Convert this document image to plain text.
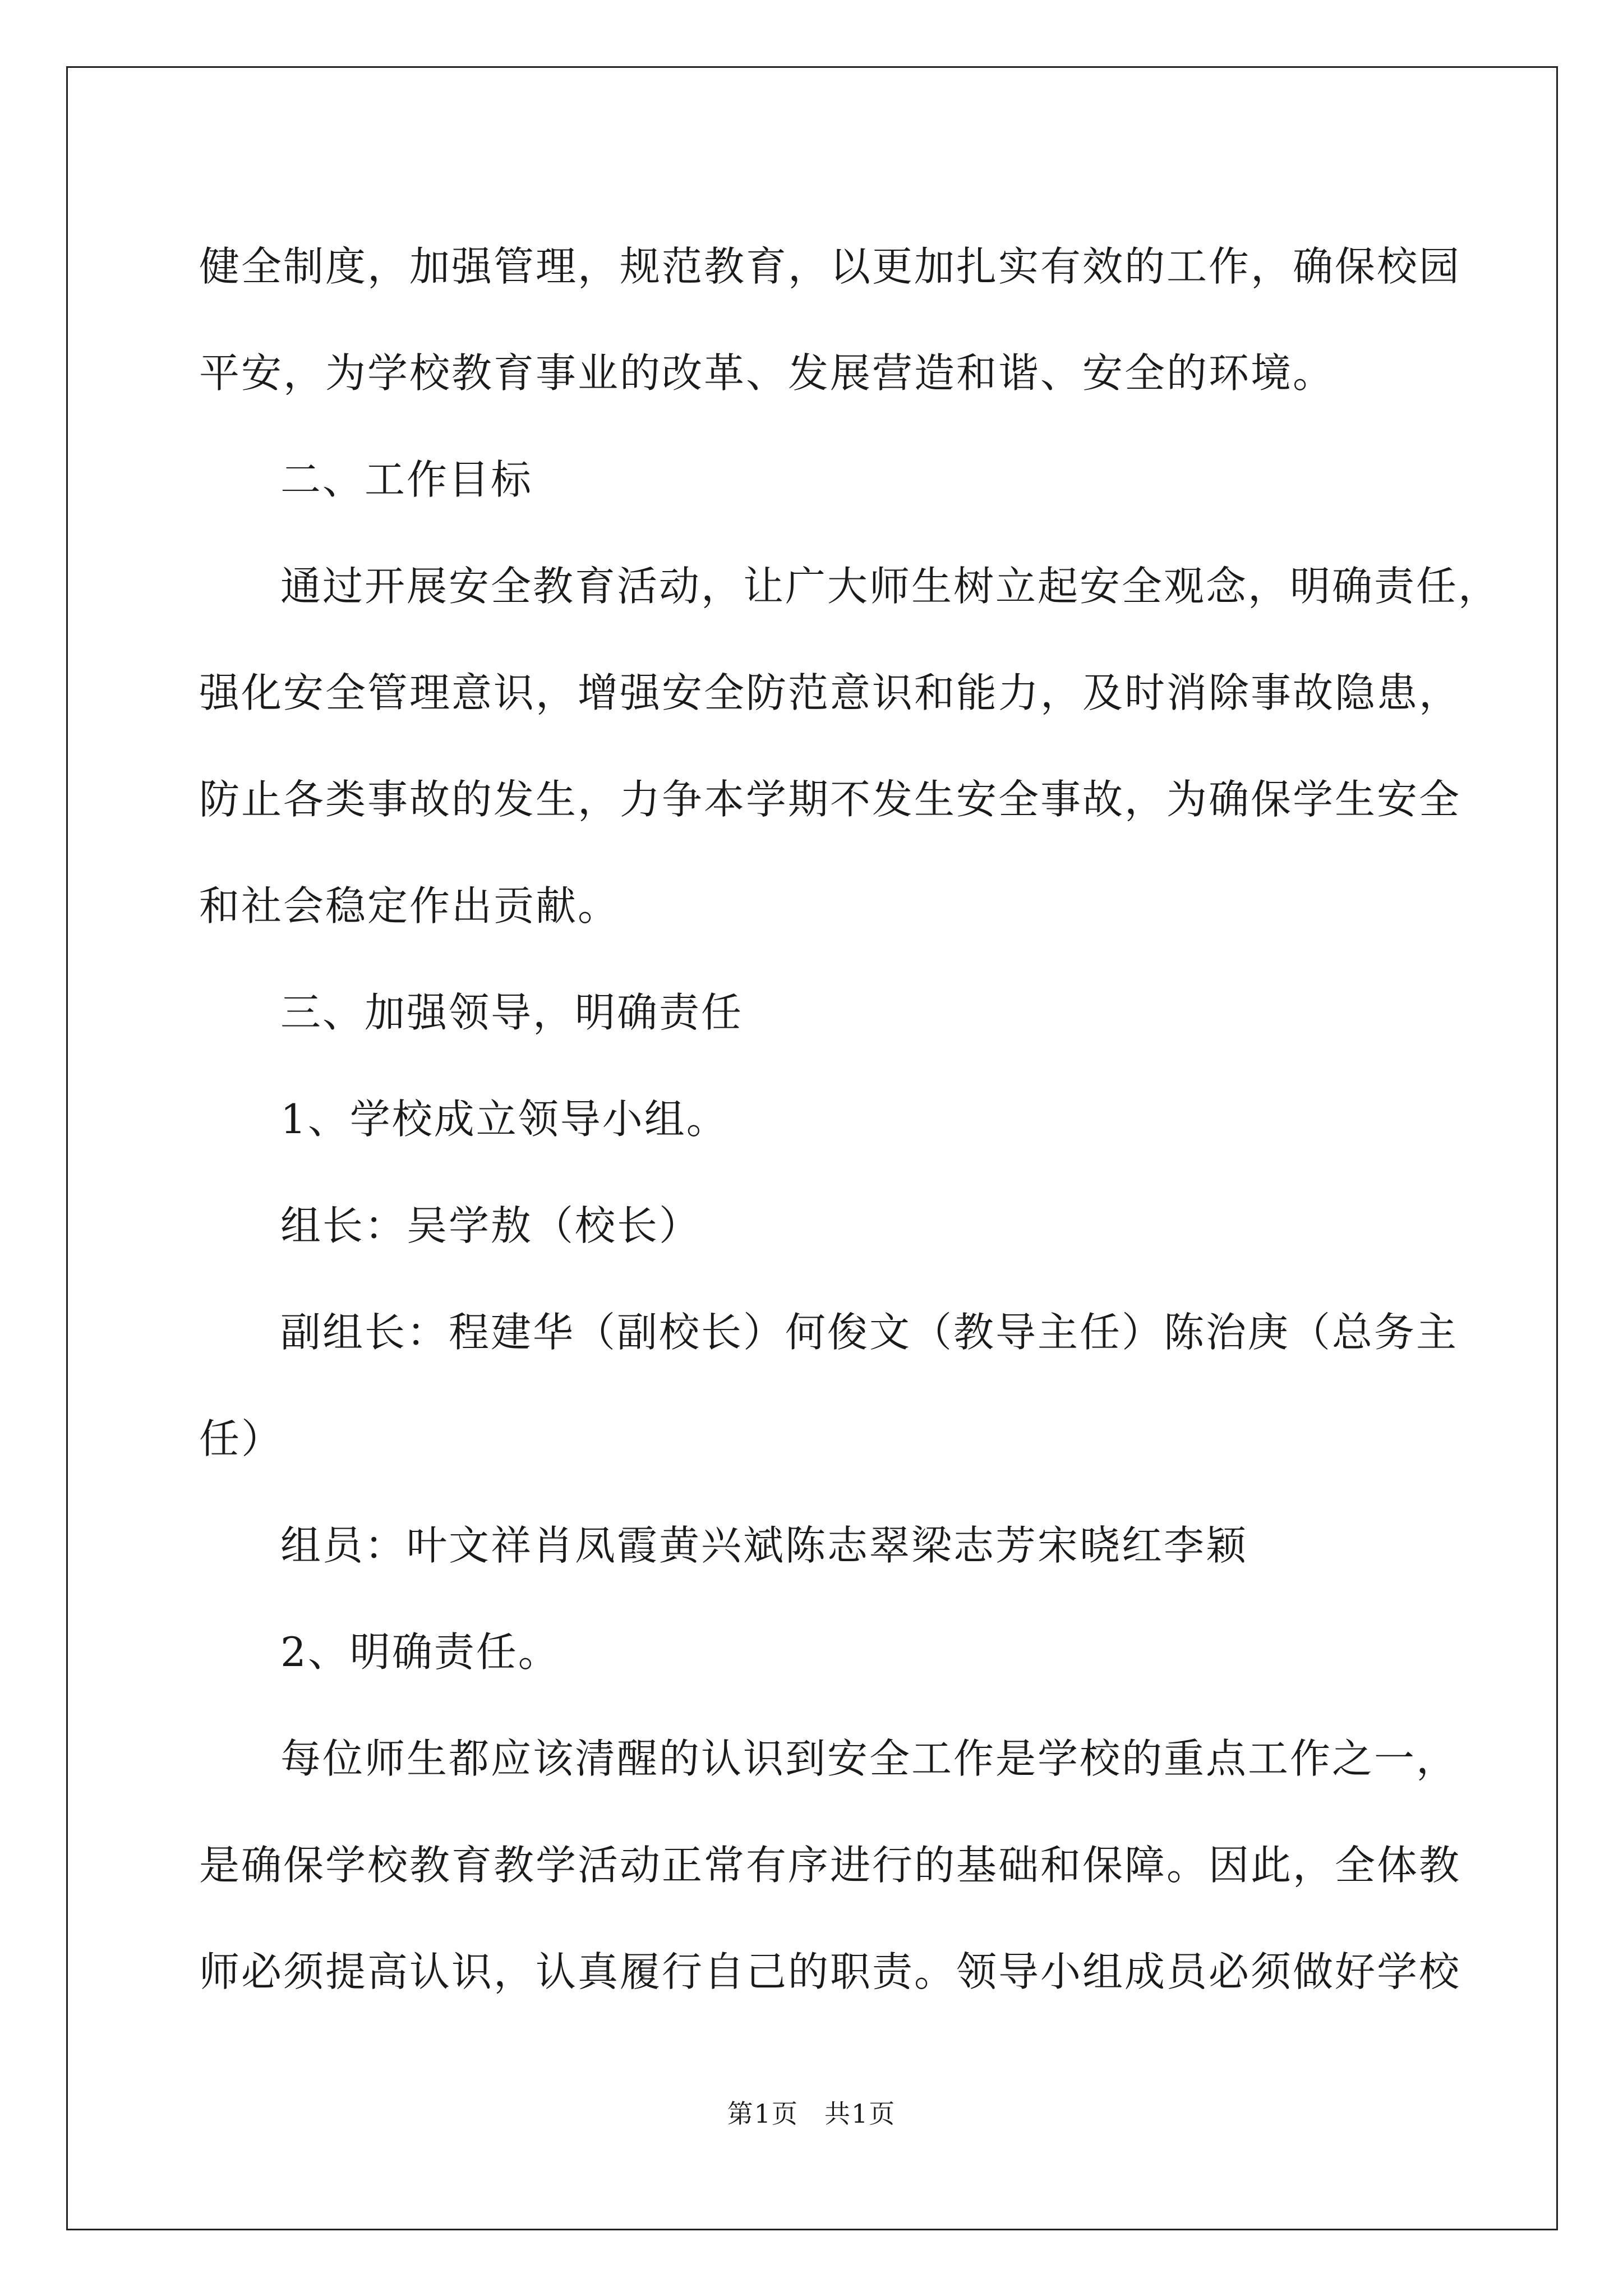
健全制度，加强管理，规范教育，以更加扎实有效的工作，确保校园
平安，为学校教育事业的改革、发展营造和谐、安全的环境。
二、工作目标
通过开展安全教育活动，让广大师生树立起安全观念，明确责任，
强化安全管理意识，增强安全防范意识和能力，及时消除事故隐患，
防止各类事故的发生，力争本学期不发生安全事故，为确保学生安全
和社会稳定作出贡献。
三、加强领导，明确责任
1、学校成立领导小组。
组长：吴学敖（校长）
副组长：程建华（副校长）何俊文（教导主任）陈治庚（总务主
任）
组员：叶文祥肖凤霞黄兴斌陈志翠梁志芳宋晓红李颖
2、明确责任。
每位师生都应该清醒的认识到安全工作是学校的重点工作之一，
是确保学校教育教学活动正常有序进行的基础和保障。因此，全体教
师必须提高认识，认真履行自己的职责。领导小组成员必须做好学校
第1页 共1页
